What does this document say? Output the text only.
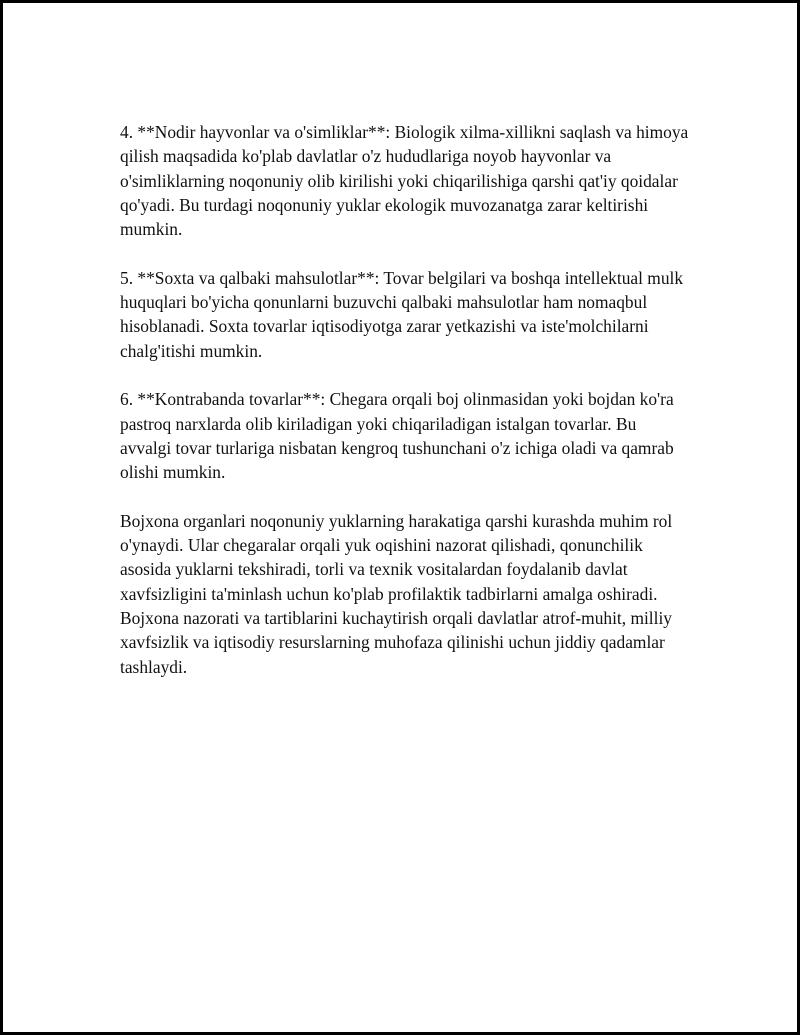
4. **Nodir hayvonlar va o'simliklar**: Biologik xilma-xillikni saqlash va himoya qilish maqsadida ko'plab davlatlar o'z hududlariga noyob hayvonlar va o'simliklarning noqonuniy olib kirilishi yoki chiqarilishiga qarshi qat'iy qoidalar qo'yadi. Bu turdagi noqonuniy yuklar ekologik muvozanatga zarar keltirishi mumkin.

5. **Soxta va qalbaki mahsulotlar**: Tovar belgilari va boshqa intellektual mulk huquqlari bo'yicha qonunlarni buzuvchi qalbaki mahsulotlar ham nomaqbul hisoblanadi. Soxta tovarlar iqtisodiyotga zarar yetkazishi va iste'molchilarni chalg'itishi mumkin.

6. **Kontrabanda tovarlar**: Chegara orqali boj olinmasidan yoki bojdan ko'ra pastroq narxlarda olib kiriladigan yoki chiqariladigan istalgan tovarlar. Bu avvalgi tovar turlariga nisbatan kengroq tushunchani o'z ichiga oladi va qamrab olishi mumkin.

Bojxona organlari noqonuniy yuklarning harakatiga qarshi kurashda muhim rol o'ynaydi. Ular chegaralar orqali yuk oqishini nazorat qilishadi, qonunchilik asosida yuklarni tekshiradi, torli va texnik vositalardan foydalanib davlat xavfsizligini ta'minlash uchun ko'plab profilaktik tadbirlarni amalga oshiradi. Bojxona nazorati va tartiblarini kuchaytirish orqali davlatlar atrof-muhit, milliy xavfsizlik va iqtisodiy resurslarning muhofaza qilinishi uchun jiddiy qadamlar tashlaydi.
